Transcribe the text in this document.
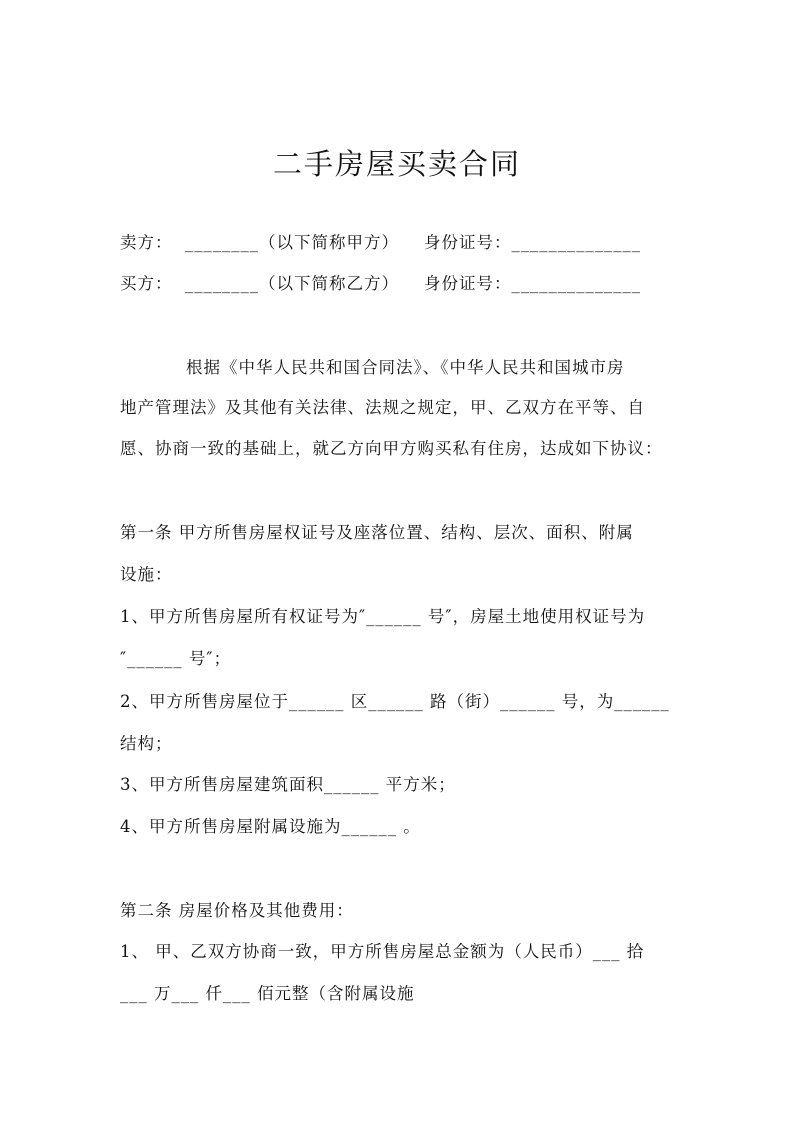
二手房屋买卖合同
卖方：  ________（以下简称甲方）    身份证号：______________
买方：  ________（以下简称乙方）    身份证号：______________
根据《中华人民共和国合同法》、《中华人民共和国城市房
地产管理法》及其他有关法律、法规之规定，甲、乙双方在平等、自
愿、协商一致的基础上，就乙方向甲方购买私有住房，达成如下协议：
第一条 甲方所售房屋权证号及座落位置、结构、层次、面积、附属
设施：
1、甲方所售房屋所有权证号为″______ 号″，房屋土地使用权证号为
″______ 号″；
2、甲方所售房屋位于______ 区______ 路（街）______ 号，为______
结构；
3、甲方所售房屋建筑面积______ 平方米；
4、甲方所售房屋附属设施为______ 。
第二条 房屋价格及其他费用：
1、 甲、乙双方协商一致，甲方所售房屋总金额为（人民币）___ 拾
___ 万___ 仟___ 佰元整（含附属设施
